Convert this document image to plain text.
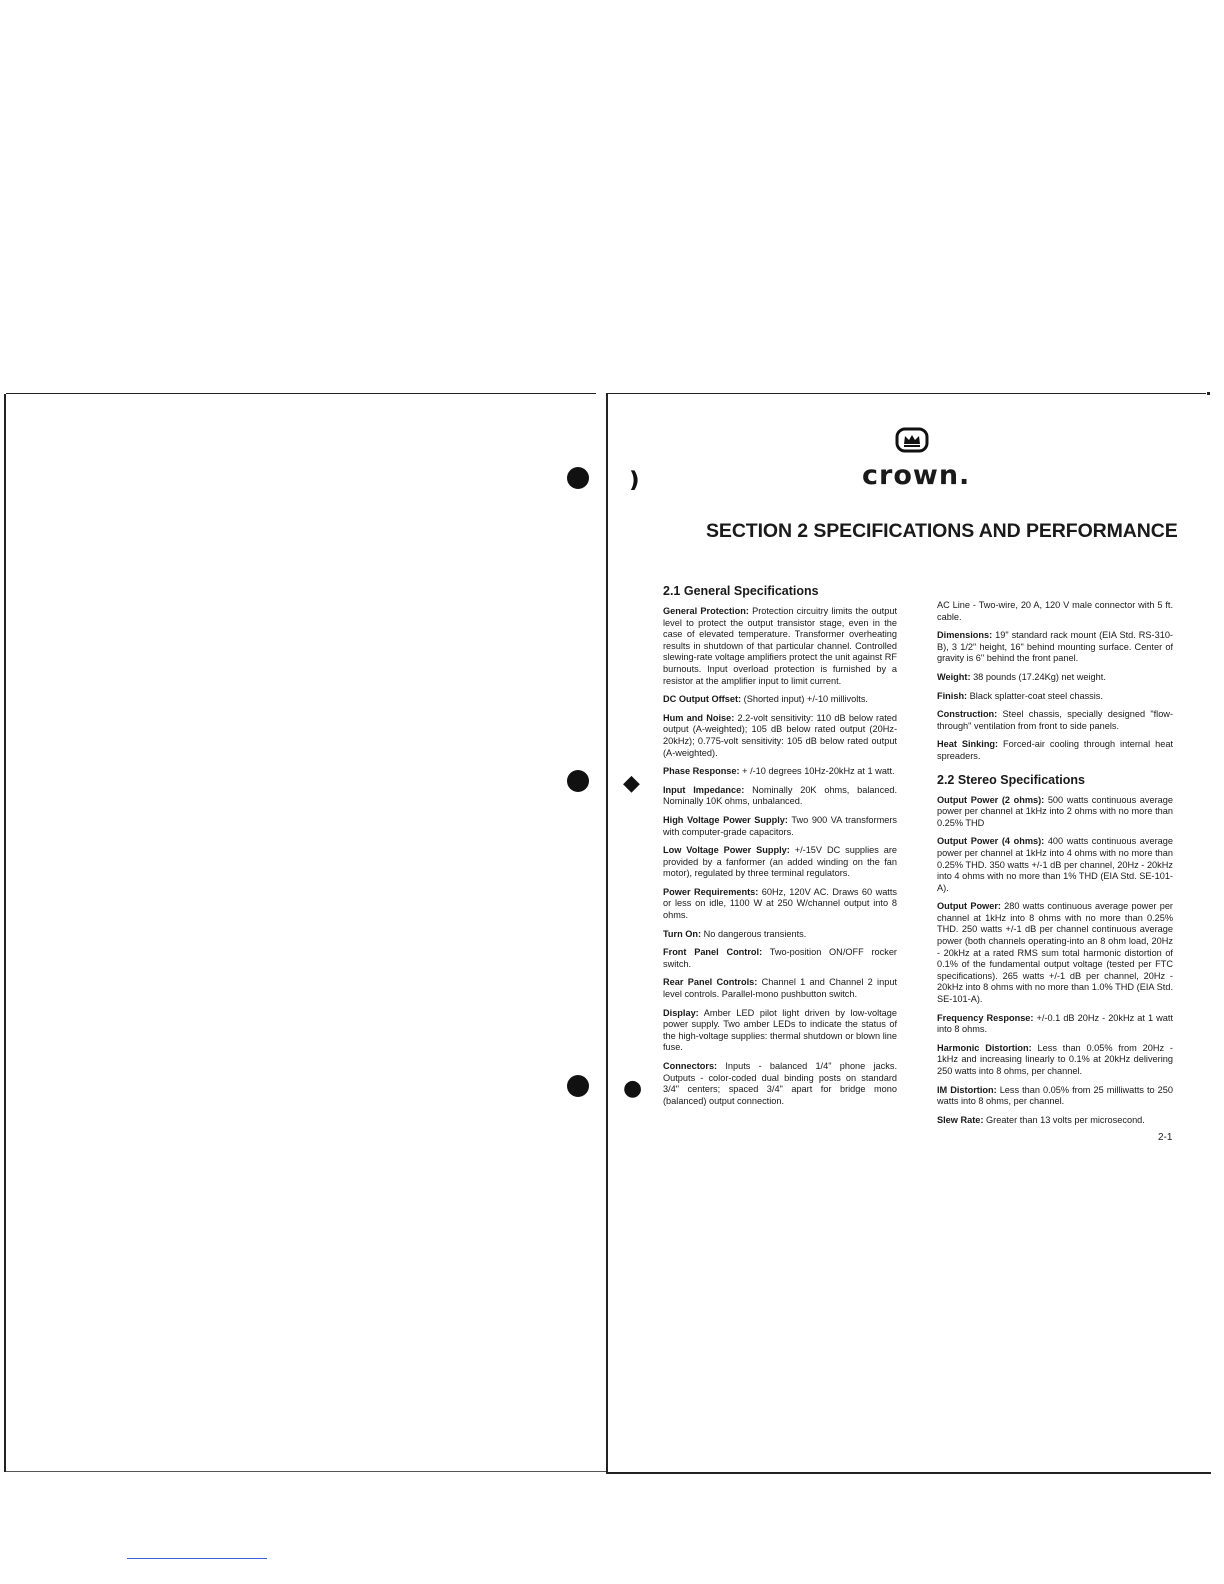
❫
◆
●
crown.
SECTION 2 SPECIFICATIONS AND PERFORMANCE
2.1 General Specifications
General Protection: Protection circuitry limits the output level to protect the output transistor stage, even in the case of elevated temperature. Transformer overheating results in shutdown of that particular channel. Controlled slewing-rate voltage amplifiers protect the unit against RF burnouts. Input overload protection is furnished by a resistor at the amplifier input to limit current.
DC Output Offset: (Shorted input) +/-10 millivolts.
Hum and Noise: 2.2-volt sensitivity: 110 dB below rated output (A-weighted); 105 dB below rated output (20Hz-20kHz); 0.775-volt sensitivity: 105 dB below rated output (A-weighted).
Phase Response: + /-10 degrees 10Hz-20kHz at 1 watt.
Input Impedance: Nominally 20K ohms, balanced. Nominally 10K ohms, unbalanced.
High Voltage Power Supply: Two 900 VA transformers with computer-grade capacitors.
Low Voltage Power Supply: +/-15V DC supplies are provided by a fanformer (an added winding on the fan motor), regulated by three terminal regulators.
Power Requirements: 60Hz, 120V AC. Draws 60 watts or less on idle, 1100 W at 250 W/channel output into 8 ohms.
Turn On: No dangerous transients.
Front Panel Control: Two-position ON/OFF rocker switch.
Rear Panel Controls: Channel 1 and Channel 2 input level controls. Parallel-mono pushbutton switch.
Display: Amber LED pilot light driven by low-voltage power supply. Two amber LEDs to indicate the status of the high-voltage supplies: thermal shutdown or blown line fuse.
Connectors: Inputs - balanced 1/4" phone jacks. Outputs - color-coded dual binding posts on standard 3/4" centers; spaced 3/4" apart for bridge mono (balanced) output connection.
AC Line - Two-wire, 20 A, 120 V male connector with 5 ft. cable.
Dimensions: 19" standard rack mount (EIA Std. RS-310-B), 3 1/2" height, 16" behind mounting surface. Center of gravity is 6" behind the front panel.
Weight: 38 pounds (17.24Kg) net weight.
Finish: Black splatter-coat steel chassis.
Construction: Steel chassis, specially designed "flow-through" ventilation from front to side panels.
Heat Sinking: Forced-air cooling through internal heat spreaders.
2.2 Stereo Specifications
Output Power (2 ohms): 500 watts continuous average power per channel at 1kHz into 2 ohms with no more than 0.25% THD
Output Power (4 ohms): 400 watts continuous average power per channel at 1kHz into 4 ohms with no more than 0.25% THD. 350 watts +/-1 dB per channel, 20Hz - 20kHz into 4 ohms with no more than 1% THD (EIA Std. SE-101-A).
Output Power: 280 watts continuous average power per channel at 1kHz into 8 ohms with no more than 0.25% THD. 250 watts +/-1 dB per channel continuous average power (both channels operating-into an 8 ohm load, 20Hz - 20kHz at a rated RMS sum total harmonic distortion of 0.1% of the fundamental output voltage (tested per FTC specifications). 265 watts +/-1 dB per channel, 20Hz - 20kHz into 8 ohms with no more than 1.0% THD (EIA Std. SE-101-A).
Frequency Response: +/-0.1 dB 20Hz - 20kHz at 1 watt into 8 ohms.
Harmonic Distortion: Less than 0.05% from 20Hz - 1kHz and increasing linearly to 0.1% at 20kHz delivering 250 watts into 8 ohms, per channel.
IM Distortion: Less than 0.05% from 25 milliwatts to 250 watts into 8 ohms, per channel.
Slew Rate: Greater than 13 volts per microsecond.
2-1
